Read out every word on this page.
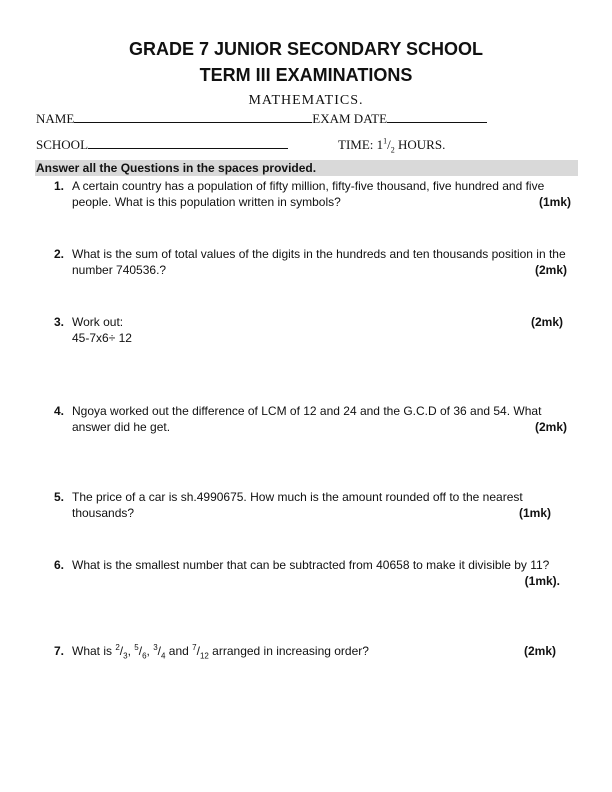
GRADE 7 JUNIOR SECONDARY SCHOOL
TERM III EXAMINATIONS
MATHEMATICS.
NAME	EXAM DATE
SCHOOL	TIME: $1^1/_2$ HOURS.
Answer all the Questions in the spaces provided.
1. A certain country has a population of fifty million, fifty-five thousand, five hundred and five people. What is this population written in symbols?	(1mk)
2. What is the sum of total values of the digits in the hundreds and ten thousands position in the number 740536.?	(2mk)
3. Work out:
45-7x6÷ 12
(2mk)
4. Ngoya worked out the difference of LCM of 12 and 24 and the G.C.D of 36 and 54. What answer did he get.	(2mk)
5. The price of a car is sh.4990675. How much is the amount rounded off to the nearest thousands?	(1mk)
6. What is the smallest number that can be subtracted from 40658 to make it divisible by 11?
(1mk).
7. What is $^2/_3$, $^5/_6$, $^3/_4$ and $^7/_{12}$ arranged in increasing order?	(2mk)
